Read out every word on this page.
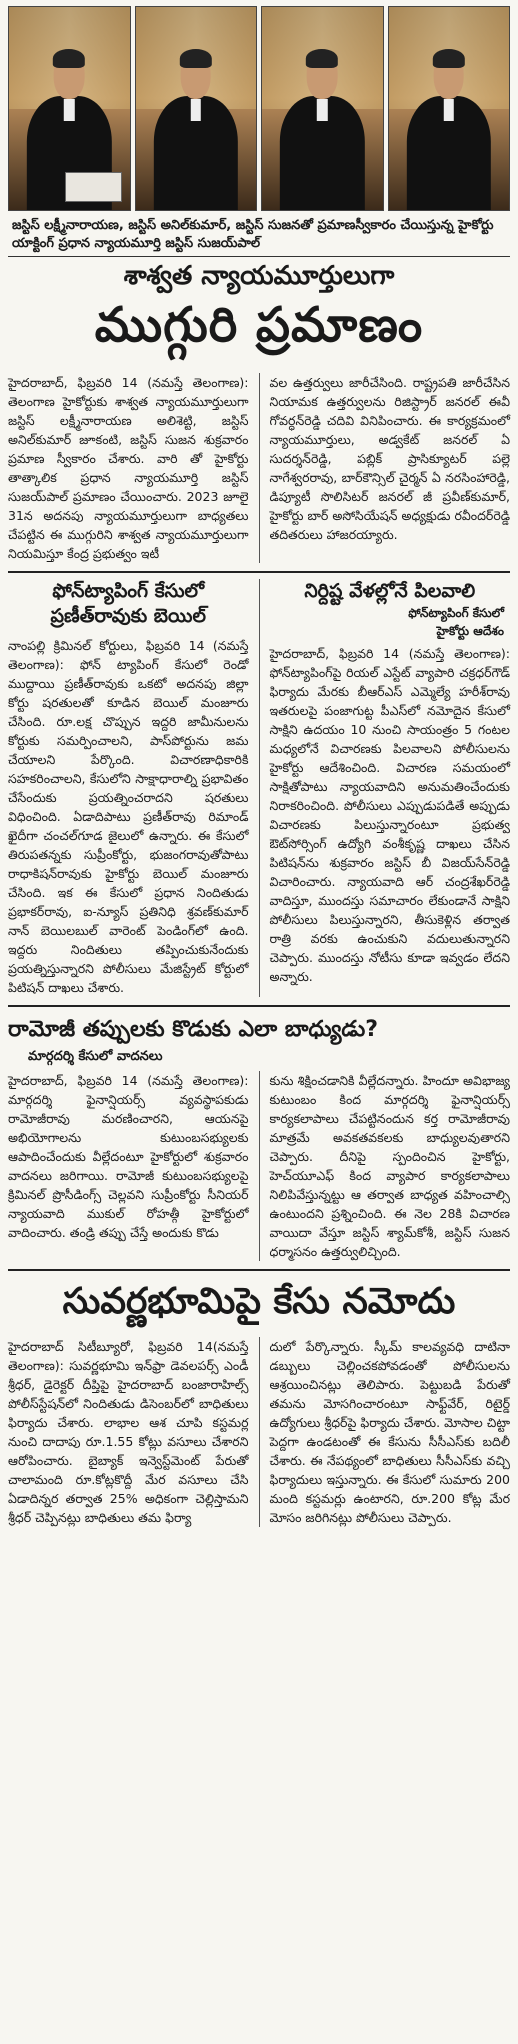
జస్టిస్ లక్ష్మీనారాయణ, జస్టిస్ అనిల్‌కుమార్, జస్టిస్ సుజనతో ప్రమాణస్వీకారం చేయిస్తున్న హైకోర్టు యాక్టింగ్ ప్రధాన న్యాయమూర్తి జస్టిస్ సుజయ్‌పాల్
శాశ్వత న్యాయమూర్తులుగా
ముగ్గురి ప్రమాణం
హైదరాబాద్, ఫిబ్రవరి 14 (నమస్తే తెలంగాణ): తెలంగాణ హైకోర్టుకు శాశ్వత న్యాయమూర్తులుగా జస్టిస్ లక్ష్మీనారాయణ అలిశెట్టి, జస్టిస్ అనిల్‌కుమార్ జూకంటి, జస్టిస్ సుజన శుక్రవారం ప్రమాణ స్వీకారం చేశారు. వారి తో హైకోర్టు తాత్కాలిక ప్రధాన న్యాయమూర్తి జస్టిస్ సుజయ్‌పాల్ ప్రమాణం చేయించారు. 2023 జూలై 31న అదనపు న్యాయమూర్తులుగా బాధ్యతలు చేపట్టిన ఈ ముగ్గురిని శాశ్వత న్యాయమూర్తులుగా నియమిస్తూ కేంద్ర ప్రభుత్వం ఇటీ
వల ఉత్తర్వులు జారీచేసింది. రాష్ట్రపతి జారీచేసిన నియామక ఉత్తర్వులను రిజిస్ట్రార్ జనరల్ ఈవీ గోవర్ధన్‌రెడ్డి చదివి వినిపించారు. ఈ కార్యక్రమంలో న్యాయమూర్తులు, అడ్వకేట్ జనరల్ ఏ సుదర్శన్‌రెడ్డి, పబ్లిక్ ప్రాసిక్యూటర్ పల్లె నాగేశ్వరరావు, బార్‌కౌన్సిల్ చైర్మన్ ఏ నరసింహారెడ్డి, డిప్యూటీ సొలిసిటర్ జనరల్ జీ ప్రవీణ్‌కుమార్, హైకోర్టు బార్ అసోసియేషన్ అధ్యక్షుడు రవీందర్‌రెడ్డి తదితరులు హాజరయ్యారు.
ఫోన్‌ట్యాపింగ్ కేసులో
ప్రణీత్‌రావుకు బెయిల్
నాంపల్లి క్రిమినల్ కోర్టులు, ఫిబ్రవరి 14 (నమస్తే తెలంగాణ): ఫోన్ ట్యాపింగ్ కేసులో రెండో ముద్దాయి ప్రణీత్‌రావుకు ఒకటో అదనపు జిల్లా కోర్టు షరతులతో కూడిన బెయిల్ మంజూరు చేసింది. రూ.లక్ష చొప్పున ఇద్దరి జామీనులను కోర్టుకు సమర్పించాలని, పాస్‌పోర్టును జమ చేయాలని పేర్కొంది. విచారణాధికారికి సహకరించాలని, కేసులోని సాక్షాధారాల్ని ప్రభావితం చేసేందుకు ప్రయత్నించరాదని షరతులు విధించింది. ఏడాదిపాటు ప్రణీత్‌రావు రిమాండ్ ఖైదీగా చంచల్‌గూడ జైలులో ఉన్నారు. ఈ కేసులో తిరుపతన్నకు సుప్రీంకోర్టు, భుజంగరావుతోపాటు రాధాకిషన్‌రావుకు హైకోర్టు బెయిల్ మంజూరు చేసింది. ఇక ఈ కేసులో ప్రధాన నిందితుడు ప్రభాకర్‌రావు, ఐ-న్యూస్ ప్రతినిధి శ్రవణ్‌కుమార్ నాన్ బెయిలబుల్ వారెంట్ పెండింగ్‌లో ఉంది. ఇద్దరు నిందితులు తప్పించుకునేందుకు ప్రయత్నిస్తున్నారని పోలీసులు మేజిస్ట్రేట్ కోర్టులో పిటిషన్ దాఖలు చేశారు.
నిర్దిష్ట వేళల్లోనే పిలవాలి
ఫోన్‌ట్యాపింగ్ కేసులో
హైకోర్టు ఆదేశం
హైదరాబాద్, ఫిబ్రవరి 14 (నమస్తే తెలంగాణ): ఫోన్‌ట్యాపింగ్‌పై రియల్ ఎస్టేట్ వ్యాపారి చక్రధర్‌గౌడ్ ఫిర్యాదు మేరకు బీఆర్‌ఎస్ ఎమ్మెల్యే హరీశ్‌రావు ఇతరులపై పంజాగుట్ట పీఎస్‌లో నమోదైన కేసులో సాక్షిని ఉదయం 10 నుంచి సాయంత్రం 5 గంటల మధ్యలోనే విచారణకు పిలవాలని పోలీసులను హైకోర్టు ఆదేశించింది. విచారణ సమయంలో సాక్షితోపాటు న్యాయవాదిని అనుమతించేందుకు నిరాకరించింది. పోలీసులు ఎప్పుడుపడితే అప్పుడు విచారణకు పిలుస్తున్నారంటూ ప్రభుత్వ ఔట్‌సోర్సింగ్ ఉద్యోగి వంశీకృష్ణ దాఖలు చేసిన పిటిషన్‌ను శుక్రవారం జస్టిస్ బీ విజయ్‌సేన్‌రెడ్డి విచారించారు. న్యాయవాది ఆర్ చంద్రశేఖర్‌రెడ్డి వాదిస్తూ, ముందస్తు సమాచారం లేకుండానే సాక్షిని పోలీసులు పిలుస్తున్నారని, తీసుకెళ్లిన తర్వాత రాత్రి వరకు ఉంచుకుని వదులుతున్నారని చెప్పారు. ముందస్తు నోటీసు కూడా ఇవ్వడం లేదని అన్నారు.
రామోజీ తప్పులకు కొడుకు ఎలా బాధ్యుడు?
మార్గదర్శి కేసులో వాదనలు
హైదరాబాద్, ఫిబ్రవరి 14 (నమస్తే తెలంగాణ): మార్గదర్శి ఫైనాన్షియర్స్ వ్యవస్థాపకుడు రామోజీరావు మరణించారని, ఆయనపై అభియోగాలను కుటుంబసభ్యులకు ఆపాదించేందుకు వీల్లేదంటూ హైకోర్టులో శుక్రవారం వాదనలు జరిగాయి. రామోజీ కుటుంబసభ్యులపై క్రిమినల్ ప్రొసీడింగ్స్ చెల్లవని సుప్రీంకోర్టు సీనియర్ న్యాయవాది ముకుల్ రోహత్గీ హైకోర్టులో వాదించారు. తండ్రి తప్పు చేస్తే అందుకు కొడు
కును శిక్షించడానికి వీల్లేదన్నారు. హిందూ అవిభాజ్య కుటుంబం కింద మార్గదర్శి ఫైనాన్షియర్స్ కార్యకలాపాలు చేపట్టినందున కర్త రామోజీరావు మాత్రమే అవకతవకలకు బాధ్యులవుతారని చెప్పారు. దీనిపై స్పందించిన హైకోర్టు, హెచ్‌యూఎఫ్ కింద వ్యాపార కార్యకలాపాలు నిలిపివేస్తున్నట్టు ఆ తర్వాత బాధ్యత వహించాల్సి ఉంటుందని ప్రశ్నించింది. ఈ నెల 28కి విచారణ వాయిదా వేస్తూ జస్టిస్ శ్యామ్‌కోశీ, జస్టిస్ సుజన ధర్మాసనం ఉత్తర్వులిచ్చింది.
సువర్ణభూమిపై కేసు నమోదు
హైదరాబాద్ సిటీబ్యూరో, ఫిబ్రవరి 14(నమస్తే తెలంగాణ): సువర్ణభూమి ఇన్‌ఫ్రా డెవలపర్స్ ఎండీ శ్రీధర్, డైరెక్టర్ దీప్తిపై హైదరాబాద్ బంజారాహిల్స్ పోలీస్‌స్టేషన్‌లో నిందితుడు డిసెంబర్‌లో బాధితులు ఫిర్యాదు చేశారు. లాభాల ఆశ చూపి కస్టమర్ల నుంచి దాదాపు రూ.1.55 కోట్లు వసూలు చేశారని ఆరోపించారు. బైబ్యాక్ ఇన్వెస్ట్‌మెంట్ పేరుతో చాలామంది రూ.కోట్లకొద్దీ మేర వసూలు చేసి ఏడాదిన్నర తర్వాత 25% అధికంగా చెల్లిస్తామని శ్రీధర్ చెప్పినట్లు బాధితులు తమ ఫిర్యా
దులో పేర్కొన్నారు. స్కీమ్ కాలవ్యవధి దాటినా డబ్బులు చెల్లించకపోవడంతో పోలీసులను ఆశ్రయించినట్లు తెలిపారు. పెట్టుబడి పేరుతో తమను మోసగించారంటూ సాఫ్ట్‌వేర్, రిటైర్డ్ ఉద్యోగులు శ్రీధర్‌పై ఫిర్యాదు చేశారు. మోసాల చిట్టా పెద్దగా ఉండటంతో ఈ కేసును సీసీఎస్‌కు బదిలీ చేశారు. ఈ నేపథ్యంలో బాధితులు సీసీఎస్‌కు వచ్చి ఫిర్యాదులు ఇస్తున్నారు. ఈ కేసులో సుమారు 200 మంది కస్టమర్లు ఉంటారని, రూ.200 కోట్ల మేర మోసం జరిగినట్లు పోలీసులు చెప్పారు.
